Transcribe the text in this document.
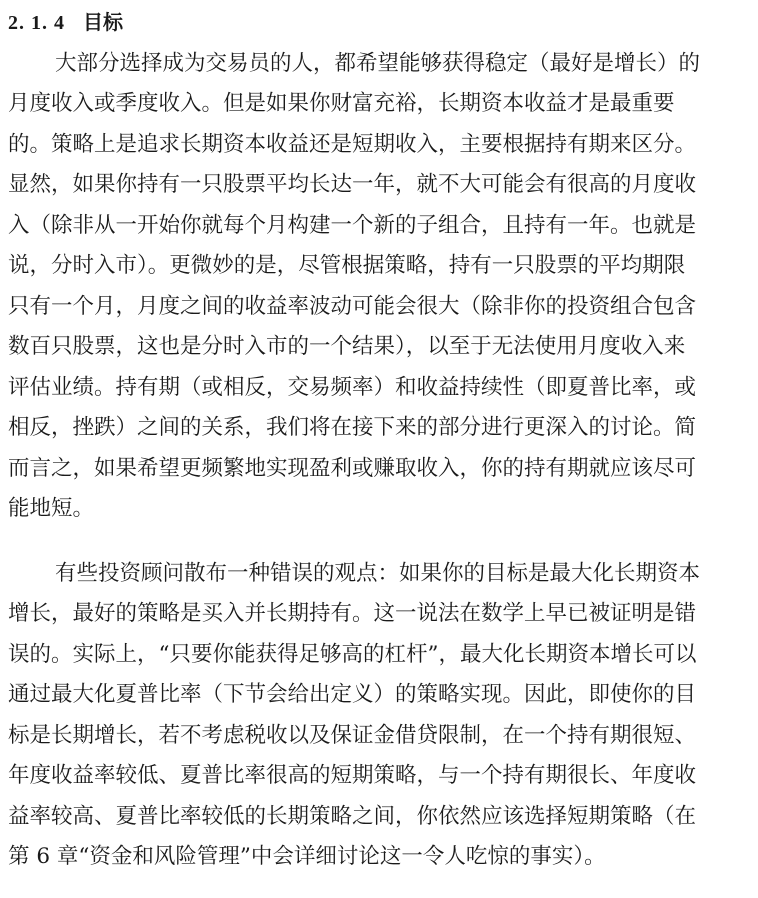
2. 1. 4 目标
大部分选择成为交易员的人，都希望能够获得稳定（最好是增长）的
月度收入或季度收入。但是如果你财富充裕，长期资本收益才是最重要
的。策略上是追求长期资本收益还是短期收入，主要根据持有期来区分。
显然，如果你持有一只股票平均长达一年，就不大可能会有很高的月度收
入（除非从一开始你就每个月构建一个新的子组合，且持有一年。也就是
说，分时入市）。更微妙的是，尽管根据策略，持有一只股票的平均期限
只有一个月，月度之间的收益率波动可能会很大（除非你的投资组合包含
数百只股票，这也是分时入市的一个结果），以至于无法使用月度收入来
评估业绩。持有期（或相反，交易频率）和收益持续性（即夏普比率，或
相反，挫跌）之间的关系，我们将在接下来的部分进行更深入的讨论。简
而言之，如果希望更频繁地实现盈利或赚取收入，你的持有期就应该尽可
能地短。
有些投资顾问散布一种错误的观点：如果你的目标是最大化长期资本
增长，最好的策略是买入并长期持有。这一说法在数学上早已被证明是错
误的。实际上，“只要你能获得足够高的杠杆”，最大化长期资本增长可以
通过最大化夏普比率（下节会给出定义）的策略实现。因此，即使你的目
标是长期增长，若不考虑税收以及保证金借贷限制，在一个持有期很短、
年度收益率较低、夏普比率很高的短期策略，与一个持有期很长、年度收
益率较高、夏普比率较低的长期策略之间，你依然应该选择短期策略（在
第 6 章“资金和风险管理”中会详细讨论这一令人吃惊的事实）。
